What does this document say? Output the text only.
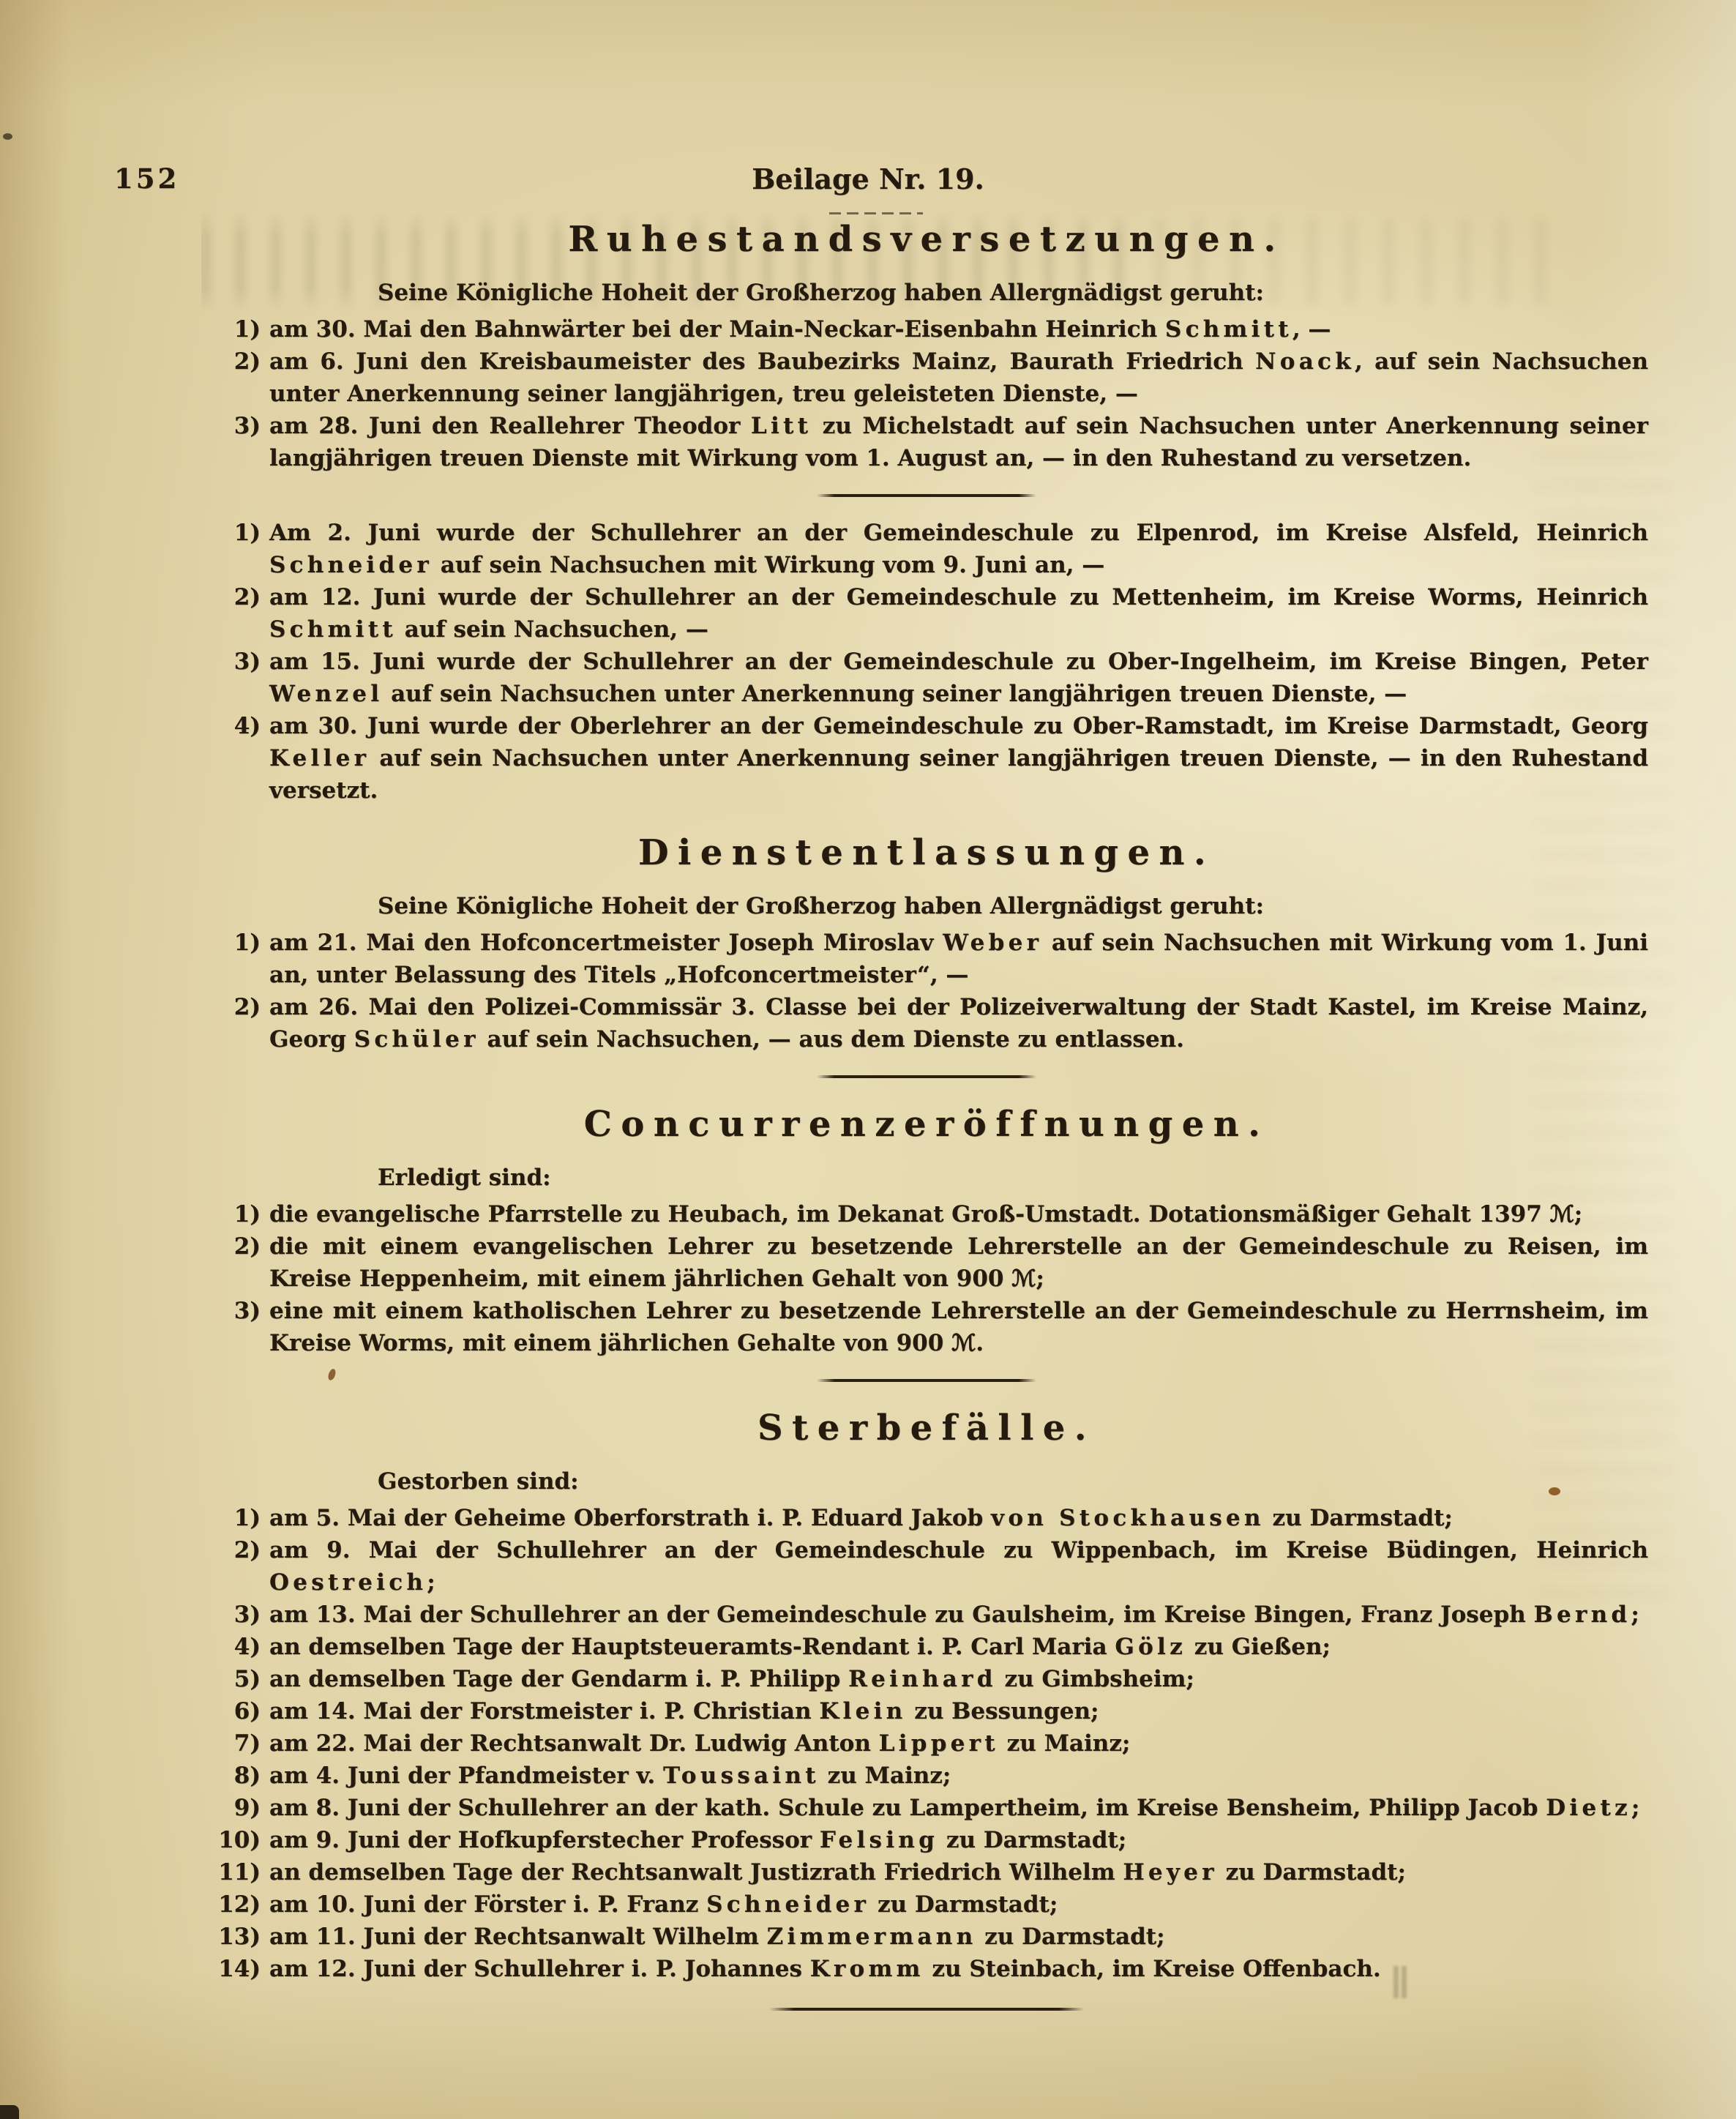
152	Beilage Nr. 19.
Ruhestandsversetzungen.

Seine Königliche Hoheit der Großherzog haben Allergnädigst geruht:

1) am 30. Mai den Bahnwärter bei der Main-Neckar-Eisenbahn Heinrich Schmitt, —
2) am 6. Juni den Kreisbaumeister des Baubezirks Mainz, Baurath Friedrich Noack, auf sein Nachsuchen unter Anerkennung seiner langjährigen, treu geleisteten Dienste, —
3) am 28. Juni den Reallehrer Theodor Litt zu Michelstadt auf sein Nachsuchen unter Anerkennung seiner langjährigen treuen Dienste mit Wirkung vom 1. August an, — in den Ruhestand zu versetzen.
1) Am 2. Juni wurde der Schullehrer an der Gemeindeschule zu Elpenrod, im Kreise Alsfeld, Heinrich Schneider auf sein Nachsuchen mit Wirkung vom 9. Juni an, —
2) am 12. Juni wurde der Schullehrer an der Gemeindeschule zu Mettenheim, im Kreise Worms, Heinrich Schmitt auf sein Nachsuchen, —
3) am 15. Juni wurde der Schullehrer an der Gemeindeschule zu Ober-Ingelheim, im Kreise Bingen, Peter Wenzel auf sein Nachsuchen unter Anerkennung seiner langjährigen treuen Dienste, —
4) am 30. Juni wurde der Oberlehrer an der Gemeindeschule zu Ober-Ramstadt, im Kreise Darmstadt, Georg Keller auf sein Nachsuchen unter Anerkennung seiner langjährigen treuen Dienste, — in den Ruhestand versetzt.
Dienstentlassungen.

Seine Königliche Hoheit der Großherzog haben Allergnädigst geruht:

1) am 21. Mai den Hofconcertmeister Joseph Miroslav Weber auf sein Nachsuchen mit Wirkung vom 1. Juni an, unter Belassung des Titels „Hofconcertmeister“, —
2) am 26. Mai den Polizei-Commissär 3. Classe bei der Polizeiverwaltung der Stadt Kastel, im Kreise Mainz, Georg Schüler auf sein Nachsuchen, — aus dem Dienste zu entlassen.
Concurrenzeröffnungen.

Erledigt sind:

1) die evangelische Pfarrstelle zu Heubach, im Dekanat Groß-Umstadt. Dotationsmäßiger Gehalt 1397 ℳ;
2) die mit einem evangelischen Lehrer zu besetzende Lehrerstelle an der Gemeindeschule zu Reisen, im Kreise Heppenheim, mit einem jährlichen Gehalt von 900 ℳ;
3) eine mit einem katholischen Lehrer zu besetzende Lehrerstelle an der Gemeindeschule zu Herrnsheim, im Kreise Worms, mit einem jährlichen Gehalte von 900 ℳ.
Sterbefälle.

Gestorben sind:

1) am 5. Mai der Geheime Oberforstrath i. P. Eduard Jakob von Stockhausen zu Darmstadt;
2) am 9. Mai der Schullehrer an der Gemeindeschule zu Wippenbach, im Kreise Büdingen, Heinrich Oestreich;
3) am 13. Mai der Schullehrer an der Gemeindeschule zu Gaulsheim, im Kreise Bingen, Franz Joseph Bernd;
4) an demselben Tage der Hauptsteueramts-Rendant i. P. Carl Maria Gölz zu Gießen;
5) an demselben Tage der Gendarm i. P. Philipp Reinhard zu Gimbsheim;
6) am 14. Mai der Forstmeister i. P. Christian Klein zu Bessungen;
7) am 22. Mai der Rechtsanwalt Dr. Ludwig Anton Lippert zu Mainz;
8) am 4. Juni der Pfandmeister v. Toussaint zu Mainz;
9) am 8. Juni der Schullehrer an der kath. Schule zu Lampertheim, im Kreise Bensheim, Philipp Jacob Dietz;
10) am 9. Juni der Hofkupferstecher Professor Felsing zu Darmstadt;
11) an demselben Tage der Rechtsanwalt Justizrath Friedrich Wilhelm Heyer zu Darmstadt;
12) am 10. Juni der Förster i. P. Franz Schneider zu Darmstadt;
13) am 11. Juni der Rechtsanwalt Wilhelm Zimmermann zu Darmstadt;
14) am 12. Juni der Schullehrer i. P. Johannes Kromm zu Steinbach, im Kreise Offenbach.
